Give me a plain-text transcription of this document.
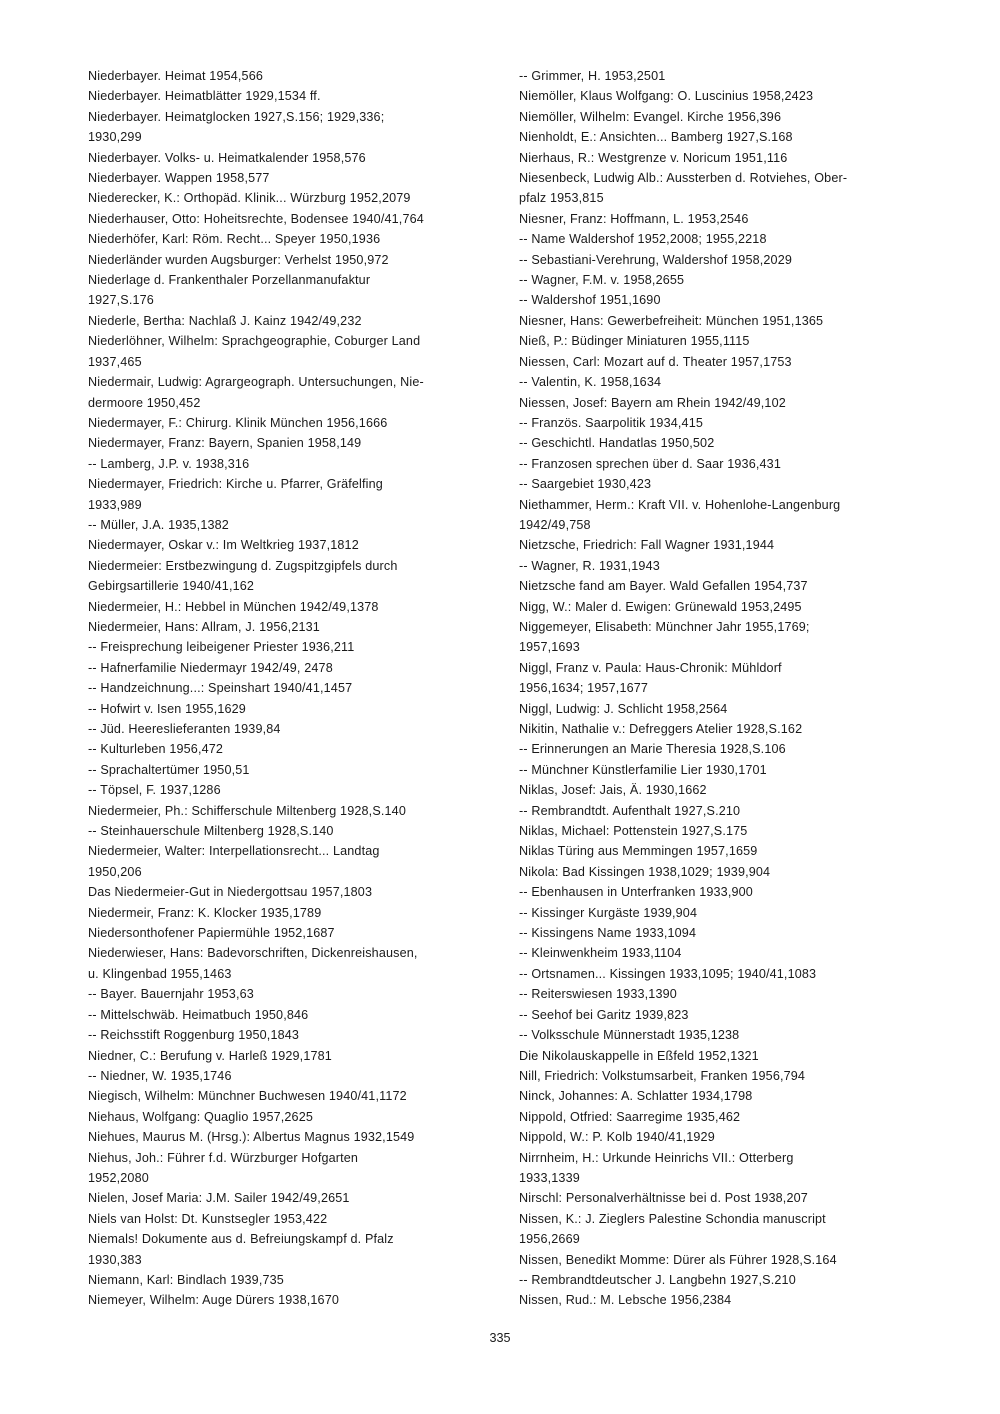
Niederbayer. Heimat 1954,566
Niederbayer. Heimatblätter 1929,1534 ff.
Niederbayer. Heimatglocken 1927,S.156; 1929,336;
1930,299
Niederbayer. Volks- u. Heimatkalender 1958,576
Niederbayer. Wappen 1958,577
Niederecker, K.: Orthopäd. Klinik... Würzburg 1952,2079
Niederhauser, Otto: Hoheitsrechte, Bodensee 1940/41,764
Niederhöfer, Karl: Röm. Recht... Speyer 1950,1936
Niederländer wurden Augsburger: Verhelst 1950,972
Niederlage d. Frankenthaler Porzellanmanufaktur
1927,S.176
Niederle, Bertha: Nachlaß J. Kainz 1942/49,232
Niederlöhner, Wilhelm: Sprachgeographie, Coburger Land
1937,465
Niedermair, Ludwig: Agrargeograph. Untersuchungen, Nie-
dermoore 1950,452
Niedermayer, F.: Chirurg. Klinik München 1956,1666
Niedermayer, Franz: Bayern, Spanien 1958,149
-- Lamberg, J.P. v. 1938,316
Niedermayer, Friedrich: Kirche u. Pfarrer, Gräfelfing
1933,989
-- Müller, J.A. 1935,1382
Niedermayer, Oskar v.: Im Weltkrieg 1937,1812
Niedermeier: Erstbezwingung d. Zugspitzgipfels durch
Gebirgsartillerie 1940/41,162
Niedermeier, H.: Hebbel in München 1942/49,1378
Niedermeier, Hans: Allram, J. 1956,2131
-- Freisprechung leibeigener Priester 1936,211
-- Hafnerfamilie Niedermayr 1942/49, 2478
-- Handzeichnung...: Speinshart 1940/41,1457
-- Hofwirt v. Isen 1955,1629
-- Jüd. Heereslieferanten 1939,84
-- Kulturleben 1956,472
-- Sprachaltertümer 1950,51
-- Töpsel, F. 1937,1286
Niedermeier, Ph.: Schifferschule Miltenberg 1928,S.140
-- Steinhauerschule Miltenberg 1928,S.140
Niedermeier, Walter: Interpellationsrecht... Landtag
1950,206
Das Niedermeier-Gut in Niedergottsau 1957,1803
Niedermeir, Franz: K. Klocker 1935,1789
Niedersonthofener Papiermühle 1952,1687
Niederwieser, Hans: Badevorschriften, Dickenreishausen,
u. Klingenbad 1955,1463
-- Bayer. Bauernjahr 1953,63
-- Mittelschwäb. Heimatbuch 1950,846
-- Reichsstift Roggenburg 1950,1843
Niedner, C.: Berufung v. Harleß 1929,1781
-- Niedner, W. 1935,1746
Niegisch, Wilhelm: Münchner Buchwesen 1940/41,1172
Niehaus, Wolfgang: Quaglio 1957,2625
Niehues, Maurus M. (Hrsg.): Albertus Magnus 1932,1549
Niehus, Joh.: Führer f.d. Würzburger Hofgarten
1952,2080
Nielen, Josef Maria: J.M. Sailer 1942/49,2651
Niels van Holst: Dt. Kunstsegler 1953,422
Niemals! Dokumente aus d. Befreiungskampf d. Pfalz
1930,383
Niemann, Karl: Bindlach 1939,735
Niemeyer, Wilhelm: Auge Dürers 1938,1670
-- Grimmer, H. 1953,2501
Niemöller, Klaus Wolfgang: O. Luscinius 1958,2423
Niemöller, Wilhelm: Evangel. Kirche 1956,396
Nienholdt, E.: Ansichten... Bamberg 1927,S.168
Nierhaus, R.: Westgrenze v. Noricum 1951,116
Niesenbeck, Ludwig Alb.: Aussterben d. Rotviehes, Ober-
pfalz 1953,815
Niesner, Franz: Hoffmann, L. 1953,2546
-- Name Waldershof 1952,2008; 1955,2218
-- Sebastiani-Verehrung, Waldershof 1958,2029
-- Wagner, F.M. v. 1958,2655
-- Waldershof 1951,1690
Niesner, Hans: Gewerbefreiheit: München 1951,1365
Nieß, P.: Büdinger Miniaturen 1955,1115
Niessen, Carl: Mozart auf d. Theater 1957,1753
-- Valentin, K. 1958,1634
Niessen, Josef: Bayern am Rhein 1942/49,102
-- Französ. Saarpolitik 1934,415
-- Geschichtl. Handatlas 1950,502
-- Franzosen sprechen über d. Saar 1936,431
-- Saargebiet 1930,423
Niethammer, Herm.: Kraft VII. v. Hohenlohe-Langenburg
1942/49,758
Nietzsche, Friedrich: Fall Wagner 1931,1944
-- Wagner, R. 1931,1943
Nietzsche fand am Bayer. Wald Gefallen 1954,737
Nigg, W.: Maler d. Ewigen: Grünewald 1953,2495
Niggemeyer, Elisabeth: Münchner Jahr 1955,1769;
1957,1693
Niggl, Franz v. Paula: Haus-Chronik: Mühldorf
1956,1634; 1957,1677
Niggl, Ludwig: J. Schlicht 1958,2564
Nikitin, Nathalie v.: Defreggers Atelier 1928,S.162
-- Erinnerungen an Marie Theresia 1928,S.106
-- Münchner Künstlerfamilie Lier 1930,1701
Niklas, Josef: Jais, Ä. 1930,1662
-- Rembrandtdt. Aufenthalt 1927,S.210
Niklas, Michael: Pottenstein 1927,S.175
Niklas Türing aus Memmingen 1957,1659
Nikola: Bad Kissingen 1938,1029; 1939,904
-- Ebenhausen in Unterfranken 1933,900
-- Kissinger Kurgäste 1939,904
-- Kissingens Name 1933,1094
-- Kleinwenkheim 1933,1104
-- Ortsnamen... Kissingen 1933,1095; 1940/41,1083
-- Reiterswiesen 1933,1390
-- Seehof bei Garitz 1939,823
-- Volksschule Münnerstadt 1935,1238
Die Nikolauskappelle in Eßfeld 1952,1321
Nill, Friedrich: Volkstumsarbeit, Franken 1956,794
Ninck, Johannes: A. Schlatter 1934,1798
Nippold, Otfried: Saarregime 1935,462
Nippold, W.: P. Kolb 1940/41,1929
Nirrnheim, H.: Urkunde Heinrichs VII.: Otterberg
1933,1339
Nirschl: Personalverhältnisse bei d. Post 1938,207
Nissen, K.: J. Zieglers Palestine Schondia manuscript
1956,2669
Nissen, Benedikt Momme: Dürer als Führer 1928,S.164
-- Rembrandtdeutscher J. Langbehn 1927,S.210
Nissen, Rud.: M. Lebsche 1956,2384
335
